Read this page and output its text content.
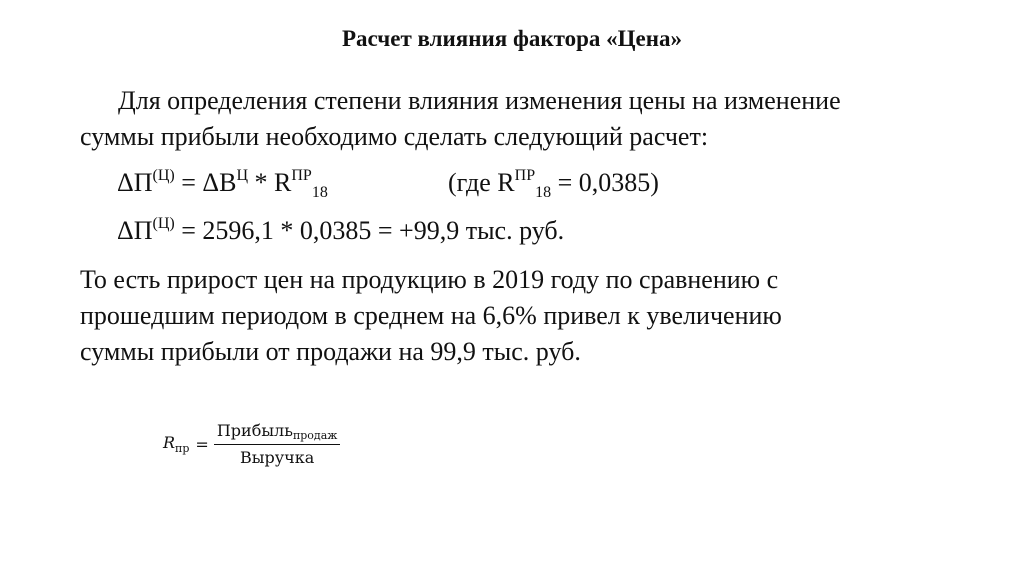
Расчет влияния фактора «Цена»
Для определения степени влияния изменения цены на изменение
суммы прибыли необходимо сделать следующий расчет:
$\Delta П^{(Ц)} = \Delta В^Ц * R^{ПР}_{18}$	(где $R^{ПР}_{18} = 0,0385$)
$\Delta П^{(Ц)} = 2596,1 * 0,0385 = +99,9$ тыс. руб.
То есть прирост цен на продукцию в 2019 году по сравнению с
прошедшим периодом в среднем на 6,6% привел к увеличению
суммы прибыли от продажи на 99,9 тыс. руб.
$R_{пр} = \frac{\text{Прибыльпродаж}}{\text{Выручка}}$
